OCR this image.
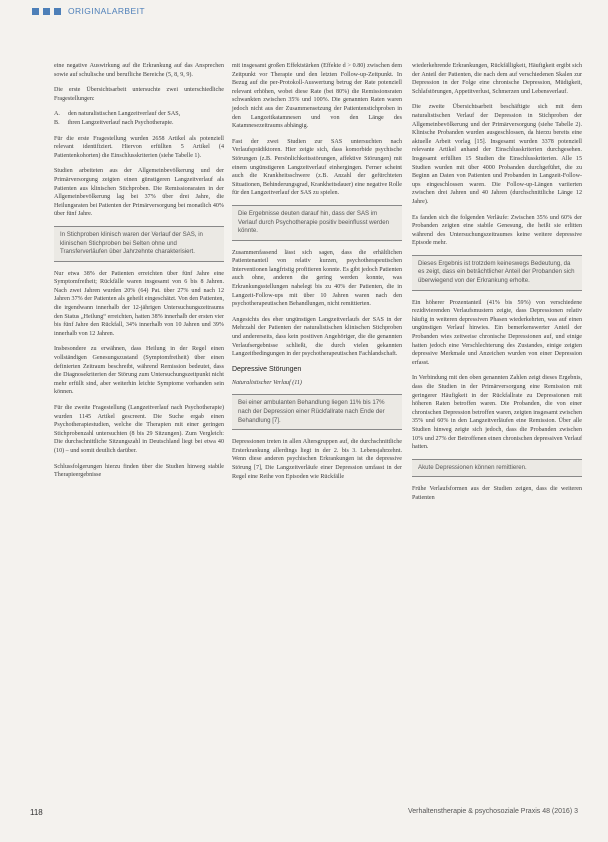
ORIGINALARBEIT

eine negative Auswirkung auf die Erkrankung auf das Ansprechen sowie auf schulische und berufliche Bereiche (5, 8, 9, 9).

Die erste Übersichtsarbeit untersuchte zwei unterschiedliche Fragestellungen:

A. den naturalistischen Langzeitverlauf der SAS,
B. ihren Langzeitverlauf nach Psychotherapie.

Für die erste Fragestellung wurden 2658 Artikel als potenziell relevant identifiziert. Hiervon erfüllten 5 Artikel (4 Patientenkohorten) die Einschlusskriterien (siehe Tabelle 1).

Studien arbeiteten aus der Allgemeinbevölkerung und der Primärversorgung zeigten einen günstigeren Langzeitverlauf als Patienten aus klinischen Stichproben. Die Remissionsraten in der Allgemeinbevölkerung lag bei 37% über drei Jahre, die Heilungsraten bei Patienten der Primärversorgung bei monatlich 40% über fünf Jahre.

In Stichproben klinisch waren der Verlauf der SAS, in klinischen Stichproben bei Selten ohne und Transferverläufen über Jahrzehnte charakterisiert.

Nur etwa 38% der Patienten erreichten über fünf Jahre eine Symptomfreiheit; Rückfälle waren insgesamt von 6 bis 8 Jahren. Nach zwei Jahren wurden 20% (64) Pat. über 27% und nach 12 Jahren 37% der Patienten als geheilt eingeschätzt. Von den Patienten, die irgendwann innerhalb der 12-jährigen Untersuchungszeitraums den Status „Heilung“ erreichten, hatten 38% innerhalb der ersten vier bis fünf Jahre den Rückfall, 34% innerhalb von 10 Jahren und 39% innerhalb von 12 Jahren.

Insbesondere zu erwähnen, dass Heilung in der Regel einen vollständigen Genesungszustand (Symptomfreiheit) über einen definierten Zeitraum beschreibt, während Remission bedeutet, dass die Diagnosekriterien der Störung zum Untersuchungszeitpunkt nicht mehr erfüllt sind, aber weiterhin leichte Symptome vorhanden sein können.

Für die zweite Fragestellung (Langzeitverlauf nach Psychotherapie) wurden 1145 Artikel gescreent. Die Suche ergab einen Psychotherapiestudien, welche die Therapien mit einer geringen Stichprobenzahl untersuchten (8 bis 29 Sitzungen). Zum Vergleich: Die durchschnittliche Sitzungszahl in Deutschland liegt bei etwa 40 (10) – und somit deutlich darüber.

Schlussfolgerungen hierzu finden über die Studien hinweg stabile Therapieergebnisse

mit insgesamt großen Effektstärken (Effekte d > 0.80) zwischen dem Zeitpunkt vor Therapie und den letzten Follow-up-Zeitpunkt. In Bezug auf die per-Protokoll-Auswertung betrug der Rate potenziell relevant erhöhen, wobei diese Rate (bei 80%) die Remissionsraten schwankten zwischen 35% und 100%. Die genannten Raten waren jedoch nicht aus der Zusammensetzung der Patientenstichproben in den Langzeitkatamnesen und von den Länge des Katamnesezeitraums abhängig.

Fast der zwei Studien zur SAS untersuchten nach Verlaufsprädiktoren. Hier zeigte sich, dass komorbide psychische Störungen (z.B. Persönlichkeitsstörungen, affektive Störungen) mit einem ungünstigeren Langzeitverlauf einhergingen. Ferner scheint auch die Krankheitsschwere (z.B. Anzahl der gefürchteten Situationen, Behinderungsgrad, Krankheitsdauer) eine negative Rolle für den Langzeitverlauf der SAS zu spielen.

Die Ergebnisse deuten darauf hin, dass der SAS im Verlauf durch Psychotherapie positiv beeinflusst werden könnte.

Zusammenfassend lässt sich sagen, dass die erhältlichen Patientenanteil von relativ kurzen, psychotherapeutischen Interventionen langfristig profitieren konnte. Es gibt jedoch Patienten auch ohne, anderen die gering werden konnte, was Erkrankungsstellungen nahelegt bis zu 40% der Patienten, die in Langzeit-Follow-ups mit über 10 Jahren waren nach den psychotherapeutischen Behandlungen, nicht remittierten.

Angesichts des eher ungünstigen Langzeitverlaufs der SAS in der Mehrzahl der Patienten der naturalistischen klinischen Stichproben und andererseits, dass kein positiven Angehöriger, die die genannten Verlaufsergebnisse schließt, die durch vielen gekannten Langzeitbedingungen in der psychotherapeutischen Fachlandschaft.

Depressive Störungen

Naturalistischer Verlauf (11)

Bei einer ambulanten Behandlung liegen 11% bis 17% nach der Depression einer Rückfallrate nach Ende der Behandlung [7].

Depressionen treten in allen Altersgruppen auf, die durchschnittliche Ersterkrankung allerdings liegt in der 2. bis 3. Lebensjahrzehnt. Wenn diese anderen psychischen Erkrankungen ist die depressive Störung [7], Die Langzeitverläufe einer Depression umfasst in der Regel eine Reihe von Episoden wie Rückfälle

wiederkehrende Erkrankungen, Rückfälligkeit, Häufigkeit ergibt sich der Anteil der Patienten, die nach dem auf verschiedenen Skalen zur Depression in der Folge eine chronische Depression, Müdigkeit, Schlafstörungen, Appetitverlust, Schmerzen und Lebensverlauf.

Die zweite Übersichtsarbeit beschäftigte sich mit dem naturalistischen Verlauf der Depression in Stichproben der Allgemeinbevölkerung und der Primärversorgung (siehe Tabelle 2). Klinische Probanden wurden ausgeschlossen, da hierzu bereits eine aktuelle Arbeit vorlag [15]. Insgesamt wurden 3378 potenziell relevante Artikel anhand der Einschlusskriterien durchgesehen. Insgesamt erfüllten 15 Studien die Einschlusskriterien. Alle 15 Studien wurden mit über 4000 Probanden durchgeführt, die zu Beginn an Daten von Patienten und Probanden in Langzeit-Follow-ups eingeschlossen waren. Die Follow-up-Längen variierten zwischen drei Jahren und 40 Jahren (durchschnittliche Länge 12 Jahre).

Es fanden sich die folgenden Verläufe: Zwischen 35% und 60% der Probanden zeigten eine stabile Genesung, die heißt sie erlitten während des Untersuchungszeitraumes keine weitere depressive Episode mehr.

Dieses Ergebnis ist trotzdem keineswegs Bedeutung, da es zeigt, dass ein beträchtlicher Anteil der Probanden sich überwiegend von der Erkrankung erholte.

Ein höherer Prozentanteil (41% bis 59%) von verschiedene rezidivierenden Verlaufsmustern zeigte, dass Depressionen relativ häufig in weiteren depressiven Phasen wiederkehrten, was auf einen ungünstigen Verlauf hinwies. Ein bemerkenswerter Anteil der Probanden wies zeitweise chronische Depressionen auf, und einige hatten jedoch eine Verschlechterung des Zustandes, einige zeigten depressive Merkmale und Anzeichen wurden von einer Depression erfasst.

In Verbindung mit den oben genannten Zahlen zeigt dieses Ergebnis, dass die Studien in der Primärversorgung eine Remission mit geringerer Häufigkeit in der Rückfallrate zu Depressionen mit höheren Raten betroffen waren. Die Probanden, die von einer chronischen Depression betroffen waren, zeigten insgesamt zwischen 35% und 60% in den Langzeitverläufen eine Remission. Über alle Studien hinweg zeigte sich jedoch, dass die Probanden zwischen 10% und 27% der Betroffenen einen chronischen depressiven Verlauf hatten.

Akute Depressionen können remittieren.

Frühe Verlaufsformen aus der Studien zeigen, dass die weiteren Patienten

118	Verhaltenstherapie & psychosoziale Praxis 48 (2016) 3
